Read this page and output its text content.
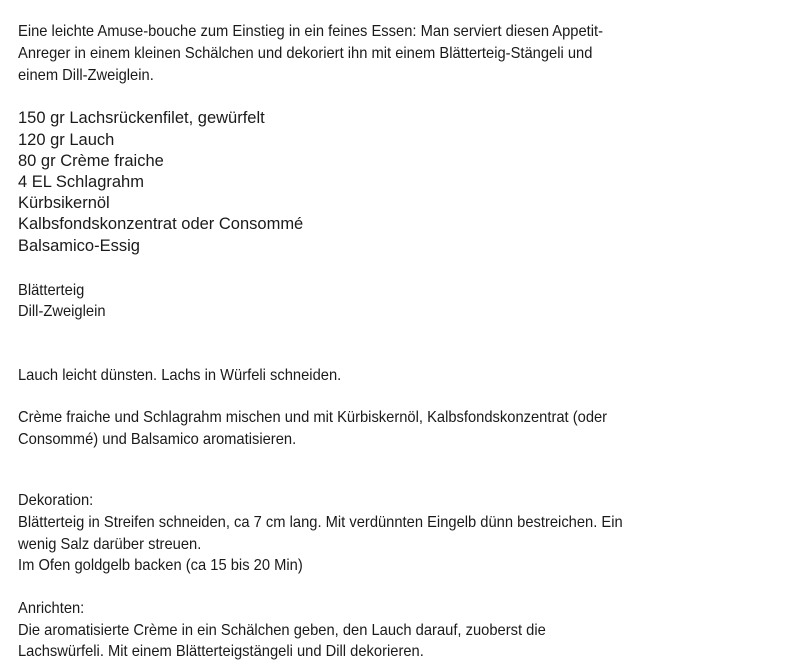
Eine leichte Amuse-bouche zum Einstieg in ein feines Essen: Man serviert diesen Appetit-
Anreger in einem kleinen Schälchen und dekoriert ihn mit einem Blätterteig-Stängeli und
einem Dill-Zweiglein.
150 gr Lachsrückenfilet, gewürfelt
120 gr Lauch
80 gr Crème fraiche
4 EL Schlagrahm
Kürbsikernöl
Kalbsfondskonzentrat oder Consommé
Balsamico-Essig
Blätterteig
Dill-Zweiglein
Lauch leicht dünsten. Lachs in Würfeli schneiden.
Crème fraiche und Schlagrahm mischen und mit Kürbiskernöl, Kalbsfondskonzentrat (oder
Consommé) und Balsamico aromatisieren.
Dekoration:
Blätterteig in Streifen schneiden, ca 7 cm lang. Mit verdünnten Eingelb dünn bestreichen. Ein
wenig Salz darüber streuen.
Im Ofen goldgelb backen (ca 15 bis 20 Min)
Anrichten:
Die aromatisierte Crème in ein Schälchen geben, den Lauch darauf, zuoberst die
Lachswürfeli. Mit einem Blätterteigstängeli und Dill dekorieren.
